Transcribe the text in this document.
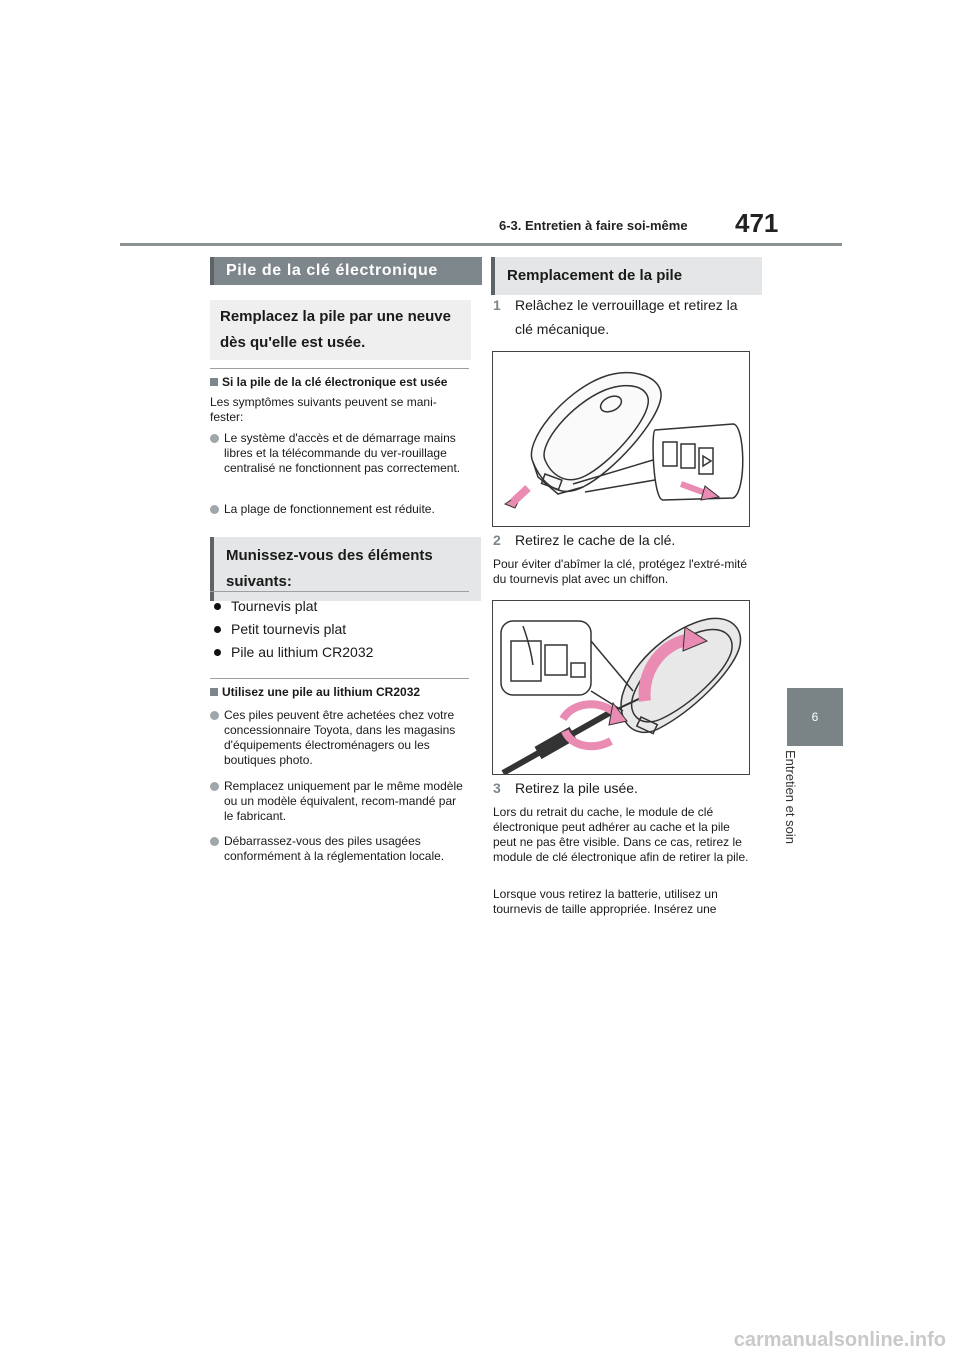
6-3. Entretien à faire soi-même 471
6
Entretien et soin
Pile de la clé électronique
Remplacez la pile par une neuve dès qu'elle est usée.
Si la pile de la clé électronique est usée
Les symptômes suivants peuvent se mani-fester:
Le système d'accès et de démarrage mains libres et la télécommande du ver-rouillage centralisé ne fonctionnent pas correctement.
La plage de fonctionnement est réduite.
Munissez-vous des éléments suivants:
Tournevis plat
Petit tournevis plat
Pile au lithium CR2032
Utilisez une pile au lithium CR2032
Ces piles peuvent être achetées chez votre concessionnaire Toyota, dans les magasins d'équipements électroménagers ou les boutiques photo.
Remplacez uniquement par le même modèle ou un modèle équivalent, recom-mandé par le fabricant.
Débarrassez-vous des piles usagées conformément à la réglementation locale.
Remplacement de la pile
1 Relâchez le verrouillage et retirez la clé mécanique.
2 Retirez le cache de la clé.
Pour éviter d'abîmer la clé, protégez l'extré-mité du tournevis plat avec un chiffon.
3 Retirez la pile usée.
Lors du retrait du cache, le module de clé électronique peut adhérer au cache et la pile peut ne pas être visible. Dans ce cas, retirez le module de clé électronique afin de retirer la pile.
Lorsque vous retirez la batterie, utilisez un tournevis de taille appropriée. Insérez une
carmanualsonline.info
